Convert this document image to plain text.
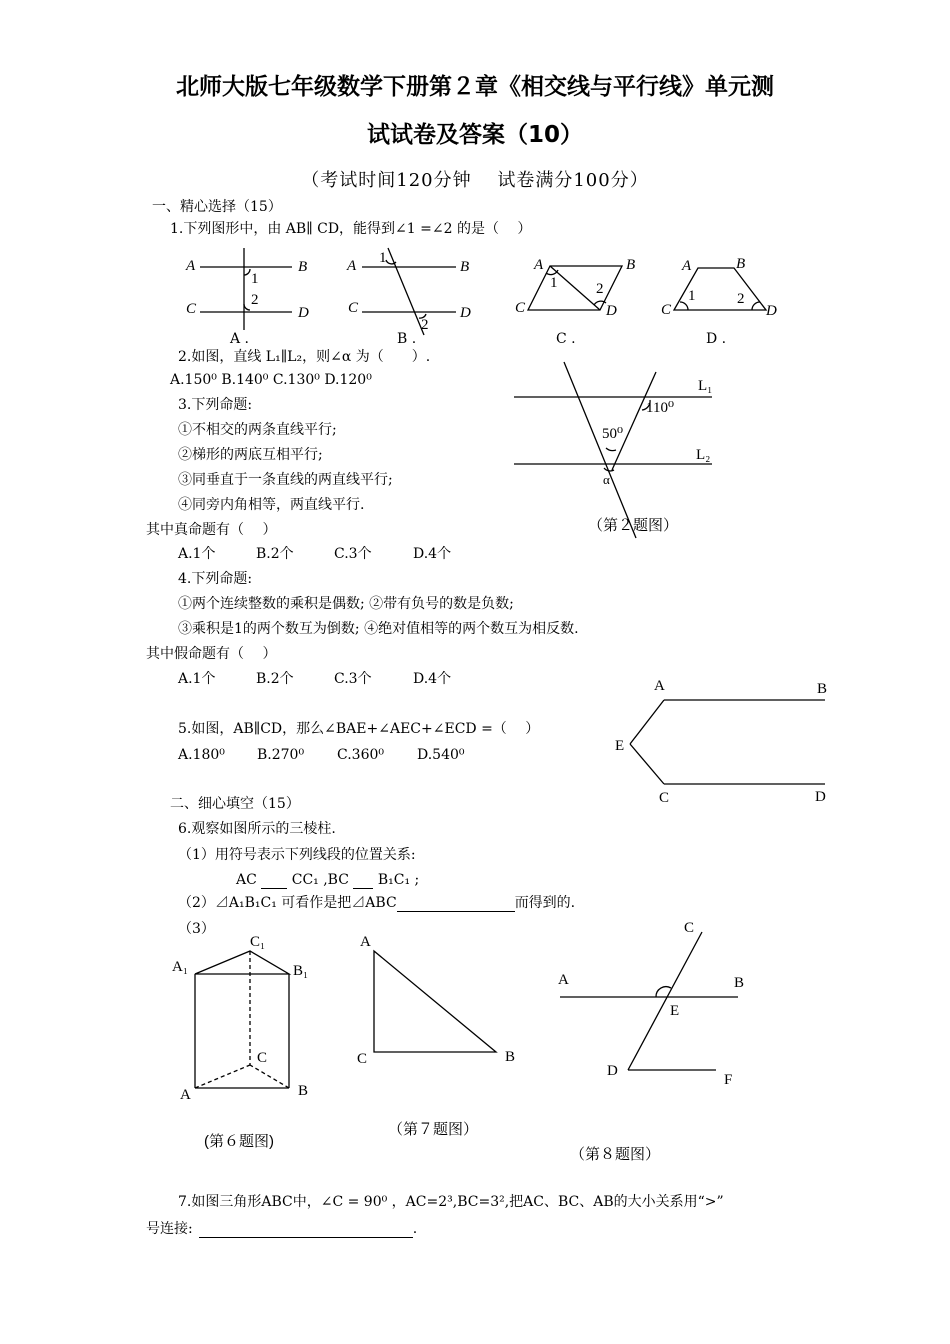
北师大版七年级数学下册第２章《相交线与平行线》单元测
试试卷及答案（10）
（考试时间120分钟　 试卷满分100分）
一、精心选择（15）
1.下列图形中，由 AB∥ CD，能得到∠1 =∠2 的是（　 ）
A	B
C	D
1
2
A .
A	B
C	D
1
2
B .
A	B
C	D
1	2
C .
A	B
C	D
1	2
D .
2.如图，直线 L₁∥L₂，则∠α 为（　　）.
A.150⁰ B.140⁰ C.130⁰ D.120⁰	L₁
L₂
110⁰
50⁰
α
（第２题图）
3.下列命题:
①不相交的两条直线平行;
②梯形的两底互相平行;
③同垂直于一条直线的两直线平行;
④同旁内角相等，两直线平行.
其中真命题有（　 ）
A.1个	B.2个	C.3个	D.4个
4.下列命题:
①两个连续整数的乘积是偶数; ②带有负号的数是负数;
③乘积是1的两个数互为倒数; ④绝对值相等的两个数互为相反数.
其中假命题有（　 ）
A.1个	B.2个	C.3个	D.4个
5.如图，AB∥CD，那么∠BAE+∠AEC+∠ECD =（　 ）
A.180⁰ B.270⁰ C.360⁰ D.540⁰
A	B
E
C	D
二、细心填空（15）
6.观察如图所示的三棱柱.
（1）用符号表示下列线段的位置关系:
AC CC₁ ,BC B₁C₁ ;
（2）⊿A₁B₁C₁ 可看作是把⊿ABC	而得到的.
（3）
A₁
C₁
B₁
C
A	B
(第６题图)
A
C	B
（第７题图）
C
A	B
E
D
F
（第８题图）
7.如图三角形ABC中，∠C = 90⁰ ，AC=2³,BC=3²,把AC、BC、AB的大小关系用“>”
号连接:	.
